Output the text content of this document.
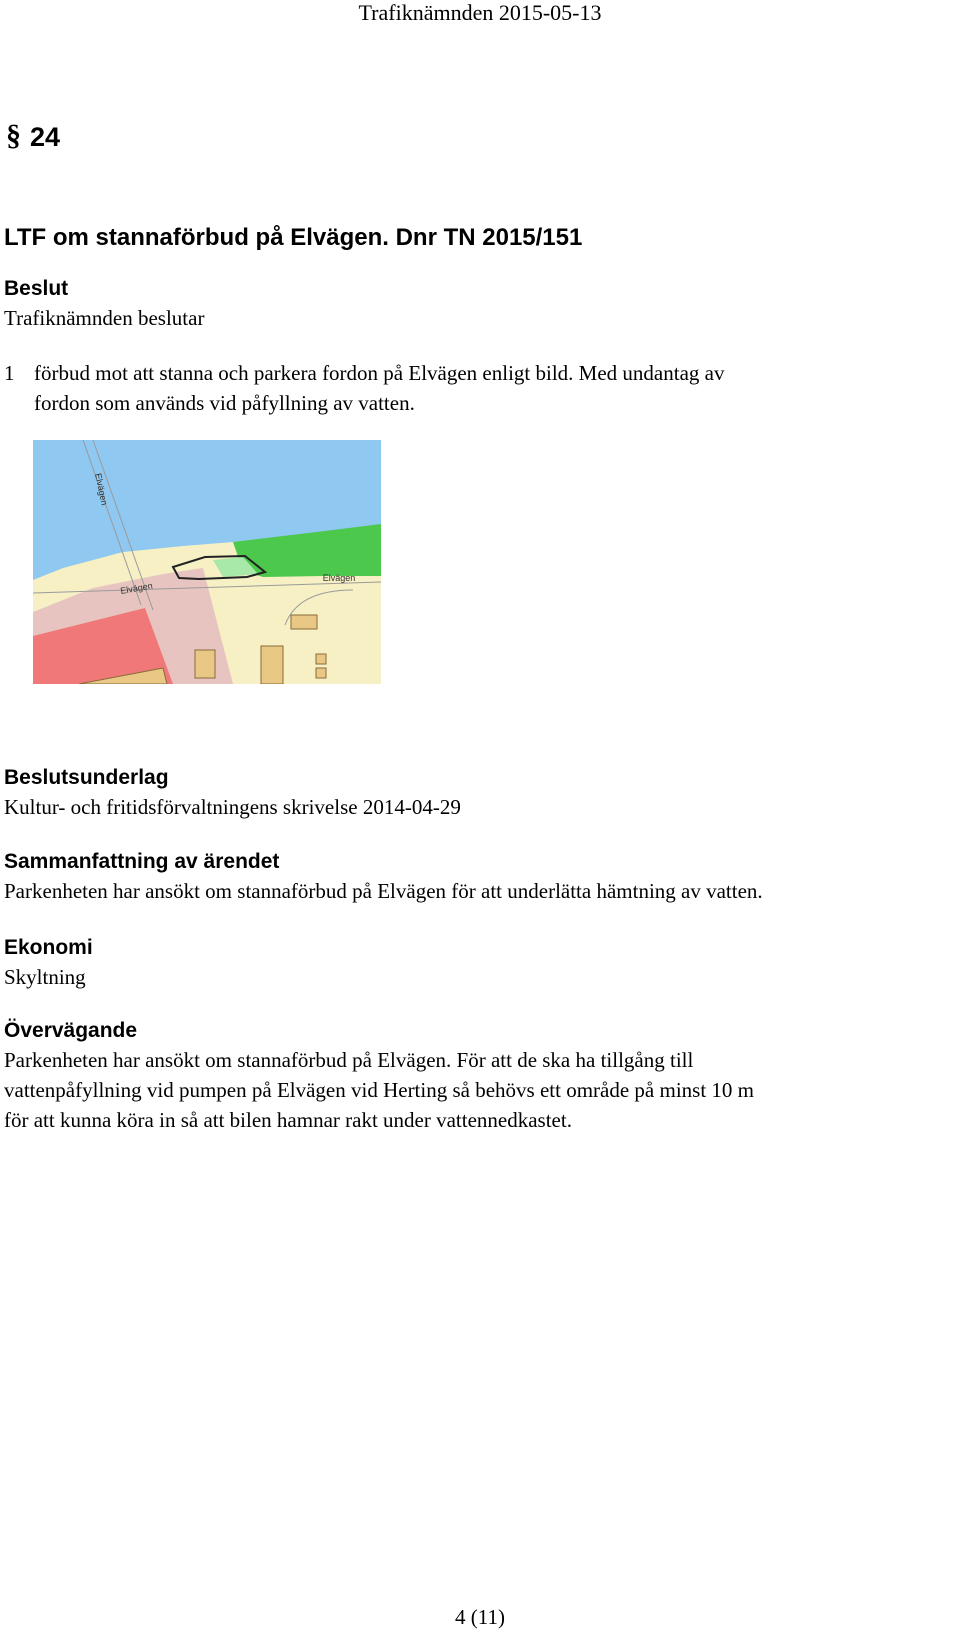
Trafiknämnden 2015-05-13
§ 24
LTF om stannaförbud på Elvägen. Dnr TN 2015/151
Beslut
Trafiknämnden beslutar
1 förbud mot att stanna och parkera fordon på Elvägen enligt bild. Med undantag av
fordon som används vid påfyllning av vatten.
Elvägen
Elvägen
Elvägen
Beslutsunderlag
Kultur- och fritidsförvaltningens skrivelse 2014-04-29
Sammanfattning av ärendet
Parkenheten har ansökt om stannaförbud på Elvägen för att underlätta hämtning av vatten.
Ekonomi
Skyltning
Övervägande
Parkenheten har ansökt om stannaförbud på Elvägen. För att de ska ha tillgång till
vattenpåfyllning vid pumpen på Elvägen vid Herting så behövs ett område på minst 10 m
för att kunna köra in så att bilen hamnar rakt under vattennedkastet.
4 (11)
